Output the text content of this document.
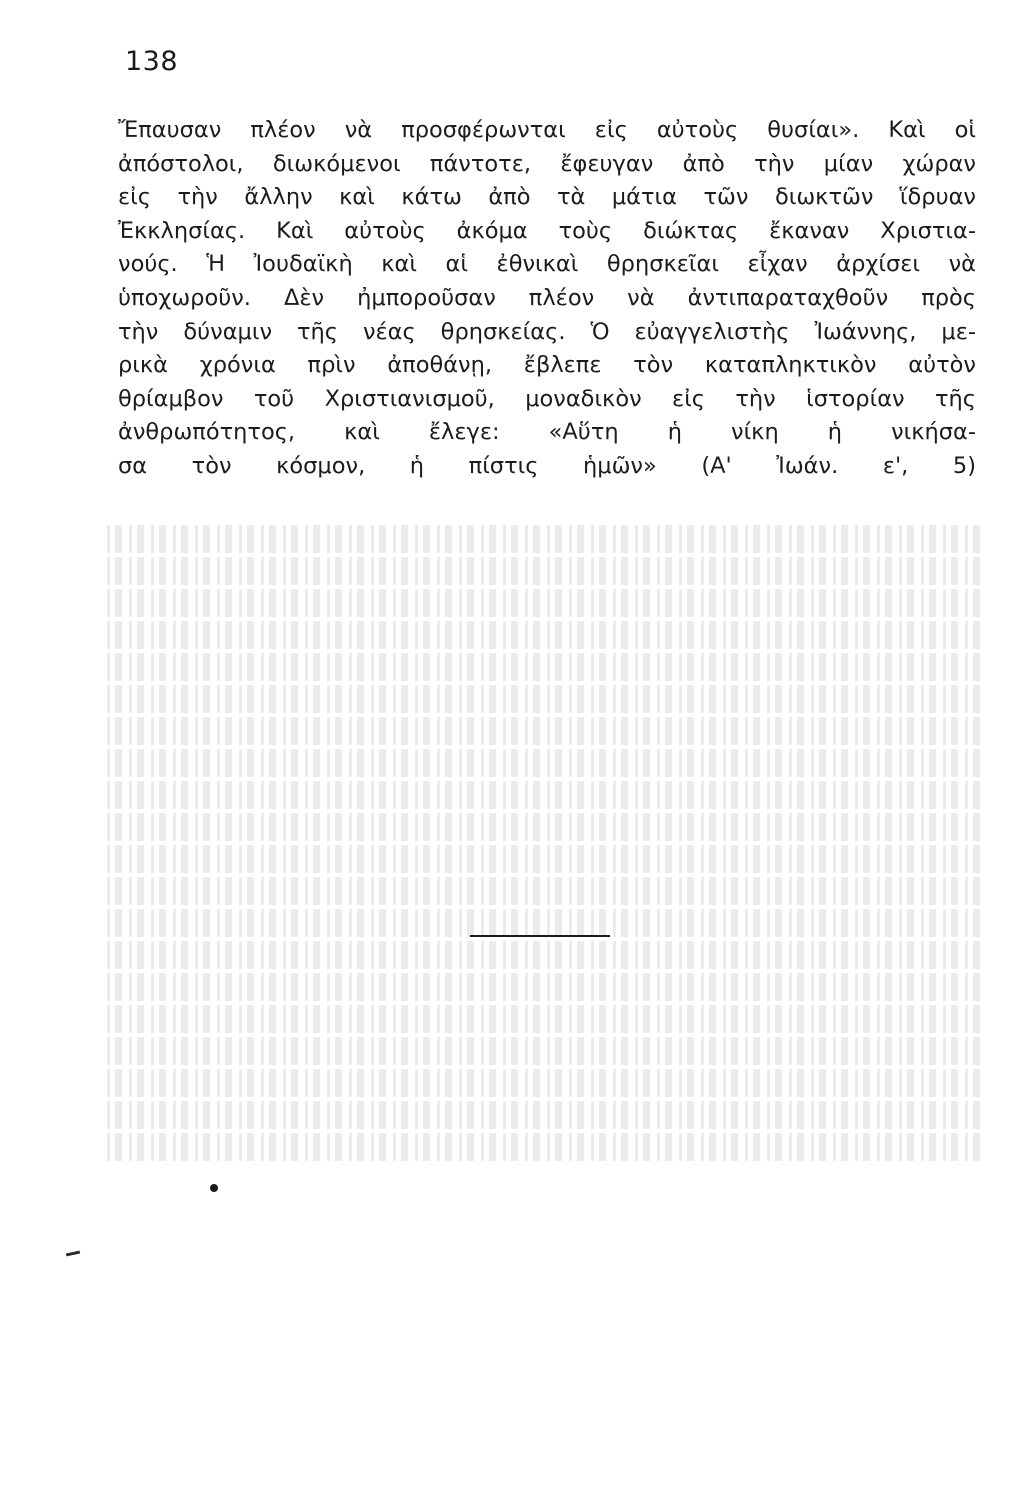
138

Ἔπαυσαν πλέον νὰ προσφέρωνται εἰς αὐτοὺς θυσίαι». Καὶ οἱ
ἀπόστολοι, διωκόμενοι πάντοτε, ἔφευγαν ἀπὸ τὴν μίαν χώραν
εἰς τὴν ἄλλην καὶ κάτω ἀπὸ τὰ μάτια τῶν διωκτῶν ἵδρυαν
Ἐκκλησίας. Καὶ αὐτοὺς ἀκόμα τοὺς διώκτας ἔκαναν Χριστια-
νούς. Ἡ Ἰουδαϊκὴ καὶ αἱ ἐθνικαὶ θρησκεῖαι εἶχαν ἀρχίσει νὰ
ὑποχωροῦν. Δὲν ἠμποροῦσαν πλέον νὰ ἀντιπαραταχθοῦν πρὸς
τὴν δύναμιν τῆς νέας θρησκείας. Ὁ εὐαγγελιστὴς Ἰωάννης, με-
ρικὰ χρόνια πρὶν ἀποθάνῃ, ἔβλεπε τὸν καταπληκτικὸν αὐτὸν
θρίαμβον τοῦ Χριστιανισμοῦ, μοναδικὸν εἰς τὴν ἱστορίαν τῆς
ἀνθρωπότητος, καὶ ἔλεγε: «Αὕτη ἡ νίκη ἡ νικήσα-
σα τὸν κόσμον, ἡ πίστις ἡμῶν» (Α' Ἰωάν. ε', 5)
